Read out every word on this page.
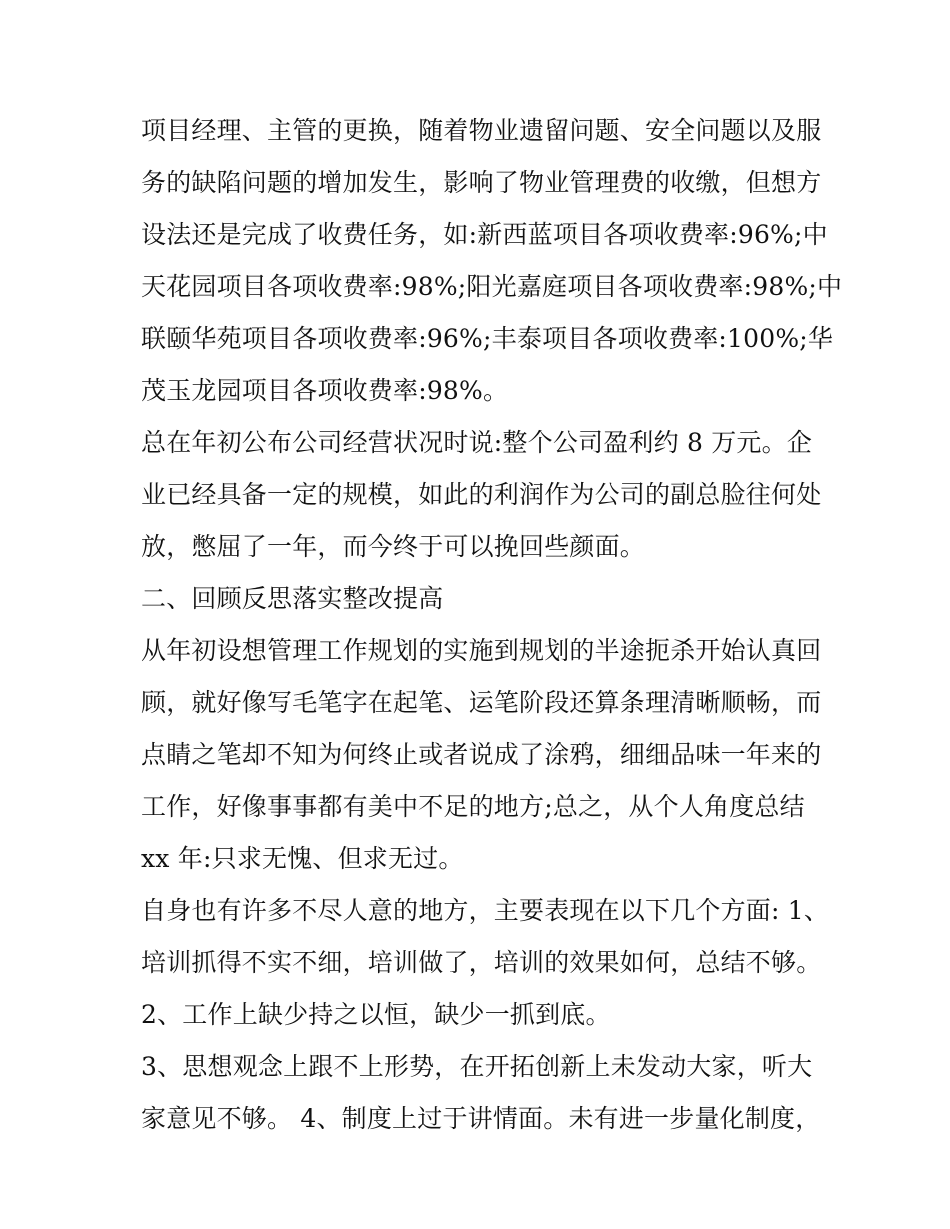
项目经理、主管的更换，随着物业遗留问题、安全问题以及服
务的缺陷问题的增加发生，影响了物业管理费的收缴，但想方
设法还是完成了收费任务，如:新西蓝项目各项收费率:96%;中
天花园项目各项收费率:98%;阳光嘉庭项目各项收费率:98%;中
联颐华苑项目各项收费率:96%;丰泰项目各项收费率:100%;华
茂玉龙园项目各项收费率:98%。
总在年初公布公司经营状况时说:整个公司盈利约 8 万元。企
业已经具备一定的规模，如此的利润作为公司的副总脸往何处
放，憋屈了一年，而今终于可以挽回些颜面。
二、回顾反思落实整改提高
从年初设想管理工作规划的实施到规划的半途扼杀开始认真回
顾，就好像写毛笔字在起笔、运笔阶段还算条理清晰顺畅，而
点睛之笔却不知为何终止或者说成了涂鸦，细细品味一年来的
工作，好像事事都有美中不足的地方;总之，从个人角度总结
xx 年:只求无愧、但求无过。
自身也有许多不尽人意的地方，主要表现在以下几个方面: 1、
培训抓得不实不细，培训做了，培训的效果如何，总结不够。
2、工作上缺少持之以恒，缺少一抓到底。
3、思想观念上跟不上形势，在开拓创新上未发动大家，听大
家意见不够。 4、制度上过于讲情面。未有进一步量化制度，
